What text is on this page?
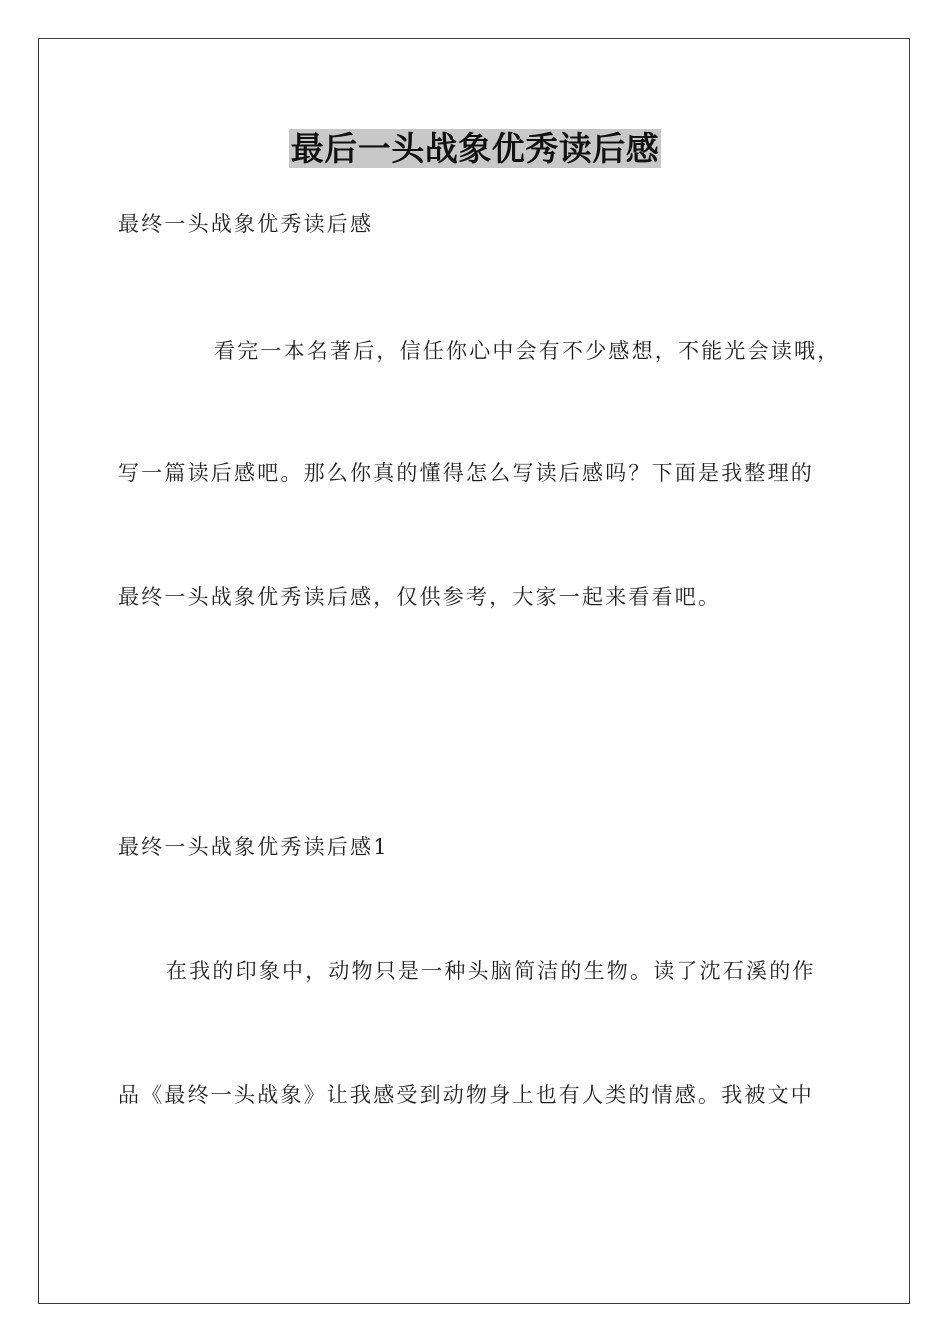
最后一头战象优秀读后感
最终一头战象优秀读后感
看完一本名著后，信任你心中会有不少感想，不能光会读哦，
写一篇读后感吧。那么你真的懂得怎么写读后感吗？下面是我整理的
最终一头战象优秀读后感，仅供参考，大家一起来看看吧。
最终一头战象优秀读后感1
在我的印象中，动物只是一种头脑简洁的生物。读了沈石溪的作
品《最终一头战象》让我感受到动物身上也有人类的情感。我被文中
